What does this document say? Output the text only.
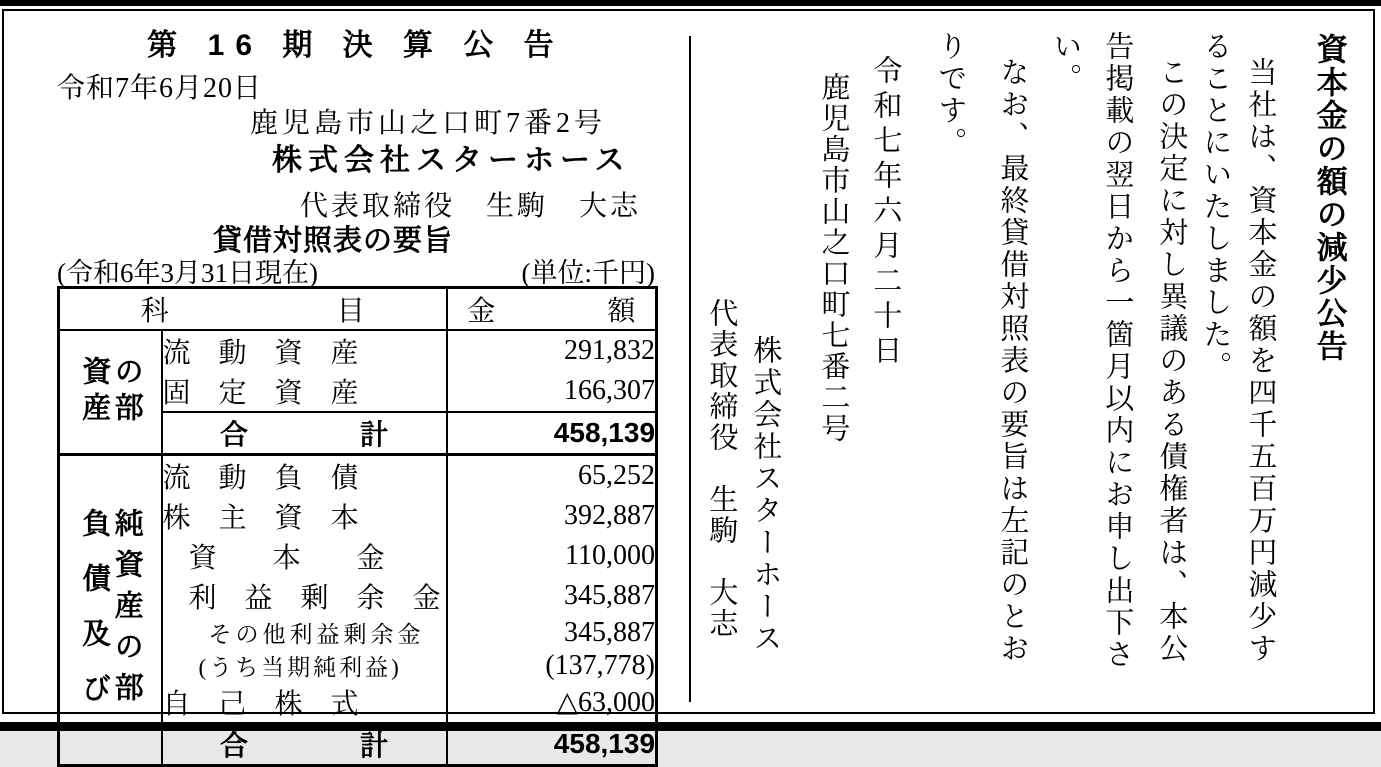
第 16 期 決 算 公 告
令和7年6月20日
鹿児島市山之口町7番2号
株式会社スターホース
代表取締役　生駒　大志
貸借対照表の要旨
(令和6年3月31日現在)	(単位:千円)
科　　　　　　目		金　　　　額

資産 の部	流　動　資　産	291,832
	固　定　資　産	166,307
	合　　　　計	458,139

負債及び 純資産の部	流　動　負　債	65,252
	株　主　資　本	392,887
	資　　本　　金	110,000
	利　益　剰　余　金	345,887
	その他利益剰余金	345,887
	(うち当期純利益)	(137,778)
	自　己　株　式	△63,000
	合　　　　計	458,139
資本金の額の減少公告
当社は、資本金の額を四千五百万円減少す
ることにいたしました。
この決定に対し異議のある債権者は、本公
告掲載の翌日から一箇月以内にお申し出下さ
い。
なお、最終貸借対照表の要旨は左記のとお
りです。
令和七年六月二十日
鹿児島市山之口町七番二号
株式会社スターホース
代表取締役　生駒　大志
